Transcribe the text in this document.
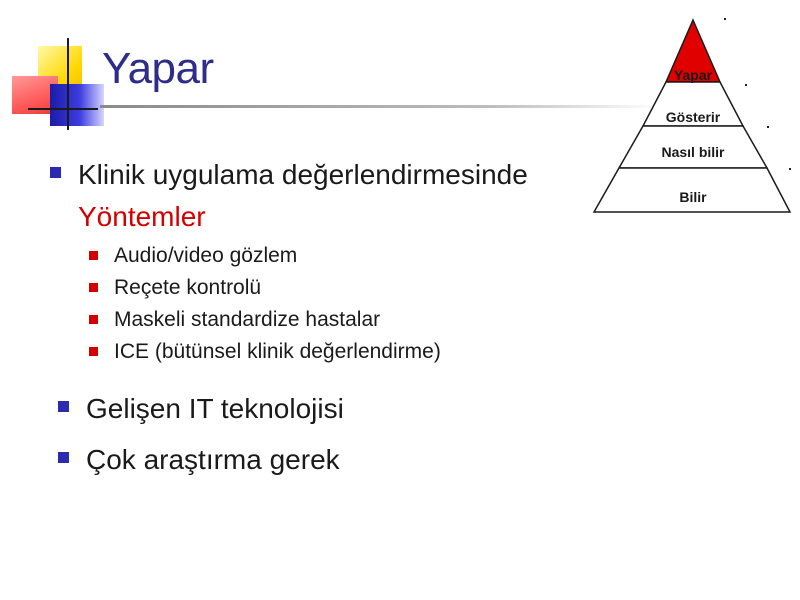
Yapar
Klinik uygulama değerlendirmesinde
Yöntemler
Audio/video gözlem
Reçete kontrolü
Maskeli standardize hastalar
ICE (bütünsel klinik değerlendirme)
Gelişen IT teknolojisi
Çok araştırma gerek
Yapar
Gösterir
Nasıl bilir
Bilir
